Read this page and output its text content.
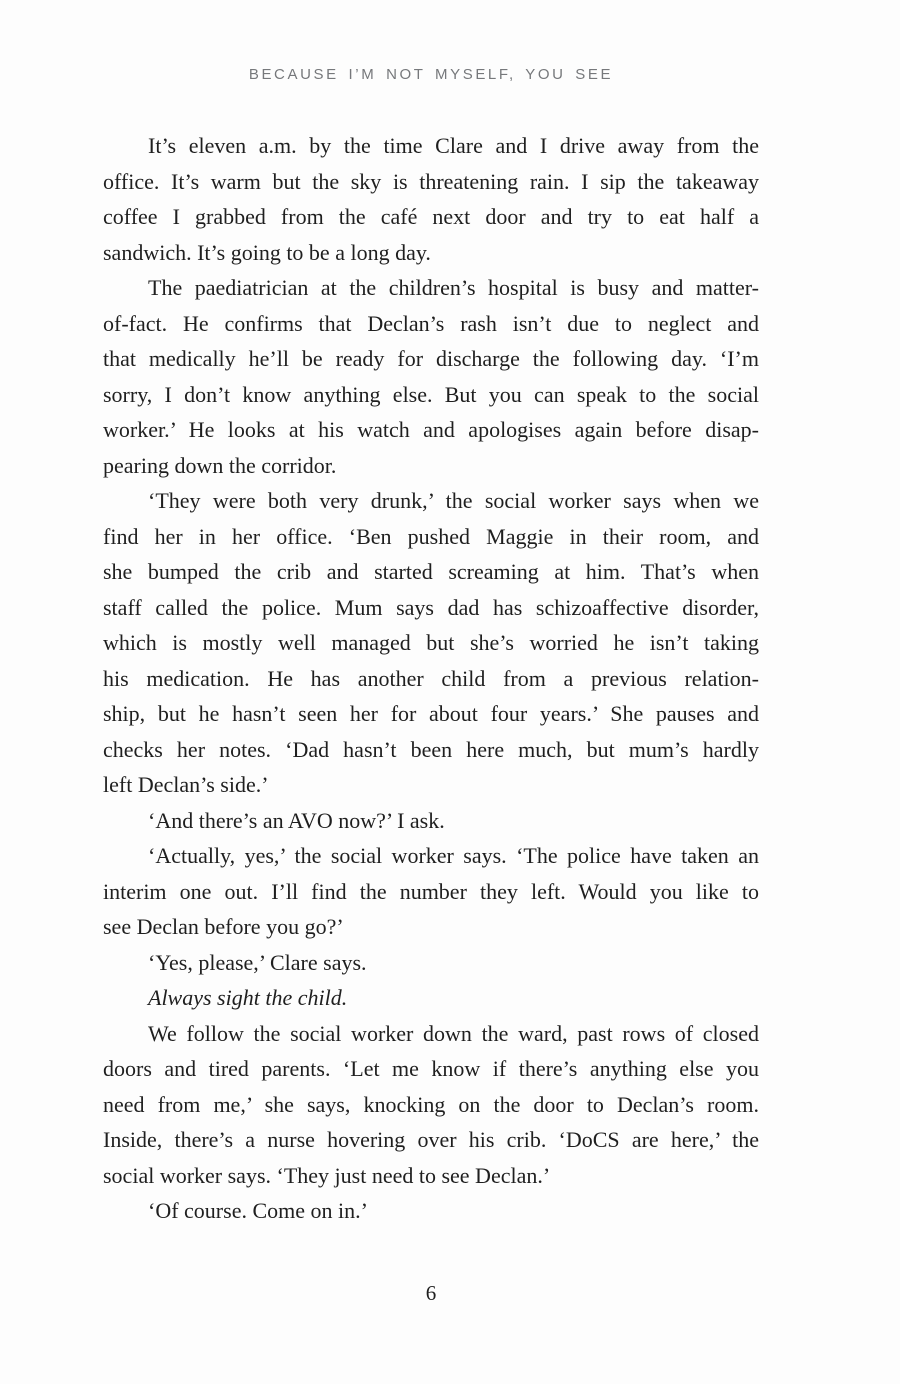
BECAUSE I’M NOT MYSELF, YOU SEE
It’s eleven a.m. by the time Clare and I drive away from the
office. It’s warm but the sky is threatening rain. I sip the takeaway
coffee I grabbed from the café next door and try to eat half a
sandwich. It’s going to be a long day.
The paediatrician at the children’s hospital is busy and matter-
of-fact. He confirms that Declan’s rash isn’t due to neglect and
that medically he’ll be ready for discharge the following day. ‘I’m
sorry, I don’t know anything else. But you can speak to the social
worker.’ He looks at his watch and apologises again before disap-
pearing down the corridor.
‘They were both very drunk,’ the social worker says when we
find her in her office. ‘Ben pushed Maggie in their room, and
she bumped the crib and started screaming at him. That’s when
staff called the police. Mum says dad has schizoaffective disorder,
which is mostly well managed but she’s worried he isn’t taking
his medication. He has another child from a previous relation-
ship, but he hasn’t seen her for about four years.’ She pauses and
checks her notes. ‘Dad hasn’t been here much, but mum’s hardly
left Declan’s side.’
‘And there’s an AVO now?’ I ask.
‘Actually, yes,’ the social worker says. ‘The police have taken an
interim one out. I’ll find the number they left. Would you like to
see Declan before you go?’
‘Yes, please,’ Clare says.
Always sight the child.
We follow the social worker down the ward, past rows of closed
doors and tired parents. ‘Let me know if there’s anything else you
need from me,’ she says, knocking on the door to Declan’s room.
Inside, there’s a nurse hovering over his crib. ‘DoCS are here,’ the
social worker says. ‘They just need to see Declan.’
‘Of course. Come on in.’
6
